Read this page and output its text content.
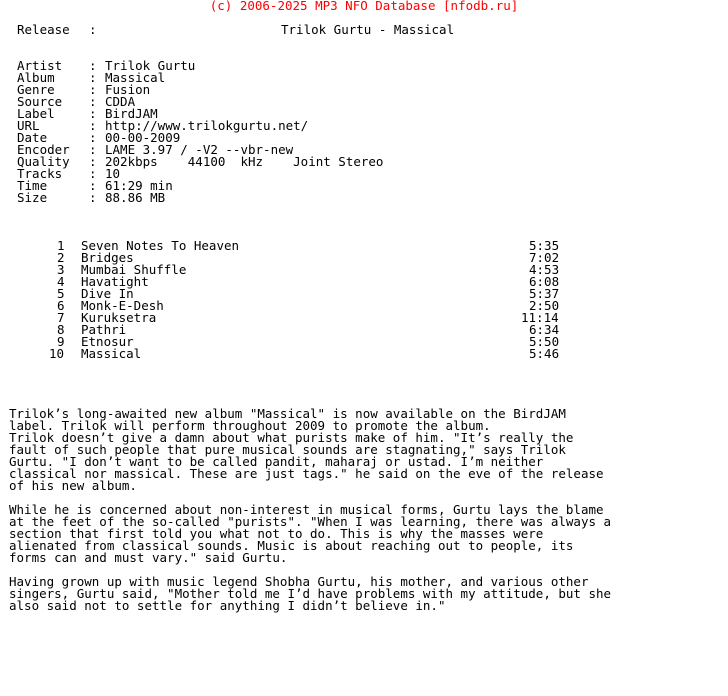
(c) 2006-2025 MP3 NFO Database [nfodb.ru]
Release :	Trilok Gurtu - Massical
Artist : Trilok Gurtu
Album	: Massical
Genre	: Fusion
Source : CDDA
Label	: BirdJAM
URL	: http://www.trilokgurtu.net/
Date	: 00-00-2009
Encoder : LAME 3.97 / -V2 --vbr-new
Quality : 202kbps    44100  kHz    Joint Stereo
Tracks : 10
Time	: 61:29 min
Size	: 88.86 MB
1 Seven Notes To Heaven	5:35
2 Bridges	7:02
3 Mumbai Shuffle	4:53
4 Havatight	6:08
5 Dive In	5:37
6 Monk-E-Desh	2:50
7 Kuruksetra	11:14
8 Pathri	6:34
9 Etnosur	5:50
10 Massical	5:46
Trilok’s long-awaited new album "Massical" is now available on the BirdJAM
label. Trilok will perform throughout 2009 to promote the album.
Trilok doesn’t give a damn about what purists make of him. "It’s really the
fault of such people that pure musical sounds are stagnating," says Trilok
Gurtu. "I don’t want to be called pandit, maharaj or ustad. I’m neither
classical nor massical. These are just tags." he said on the eve of the release
of his new album.
While he is concerned about non-interest in musical forms, Gurtu lays the blame
at the feet of the so-called "purists". "When I was learning, there was always a
section that first told you what not to do. This is why the masses were
alienated from classical sounds. Music is about reaching out to people, its
forms can and must vary." said Gurtu.
Having grown up with music legend Shobha Gurtu, his mother, and various other
singers, Gurtu said, "Mother told me I’d have problems with my attitude, but she
also said not to settle for anything I didn’t believe in."
